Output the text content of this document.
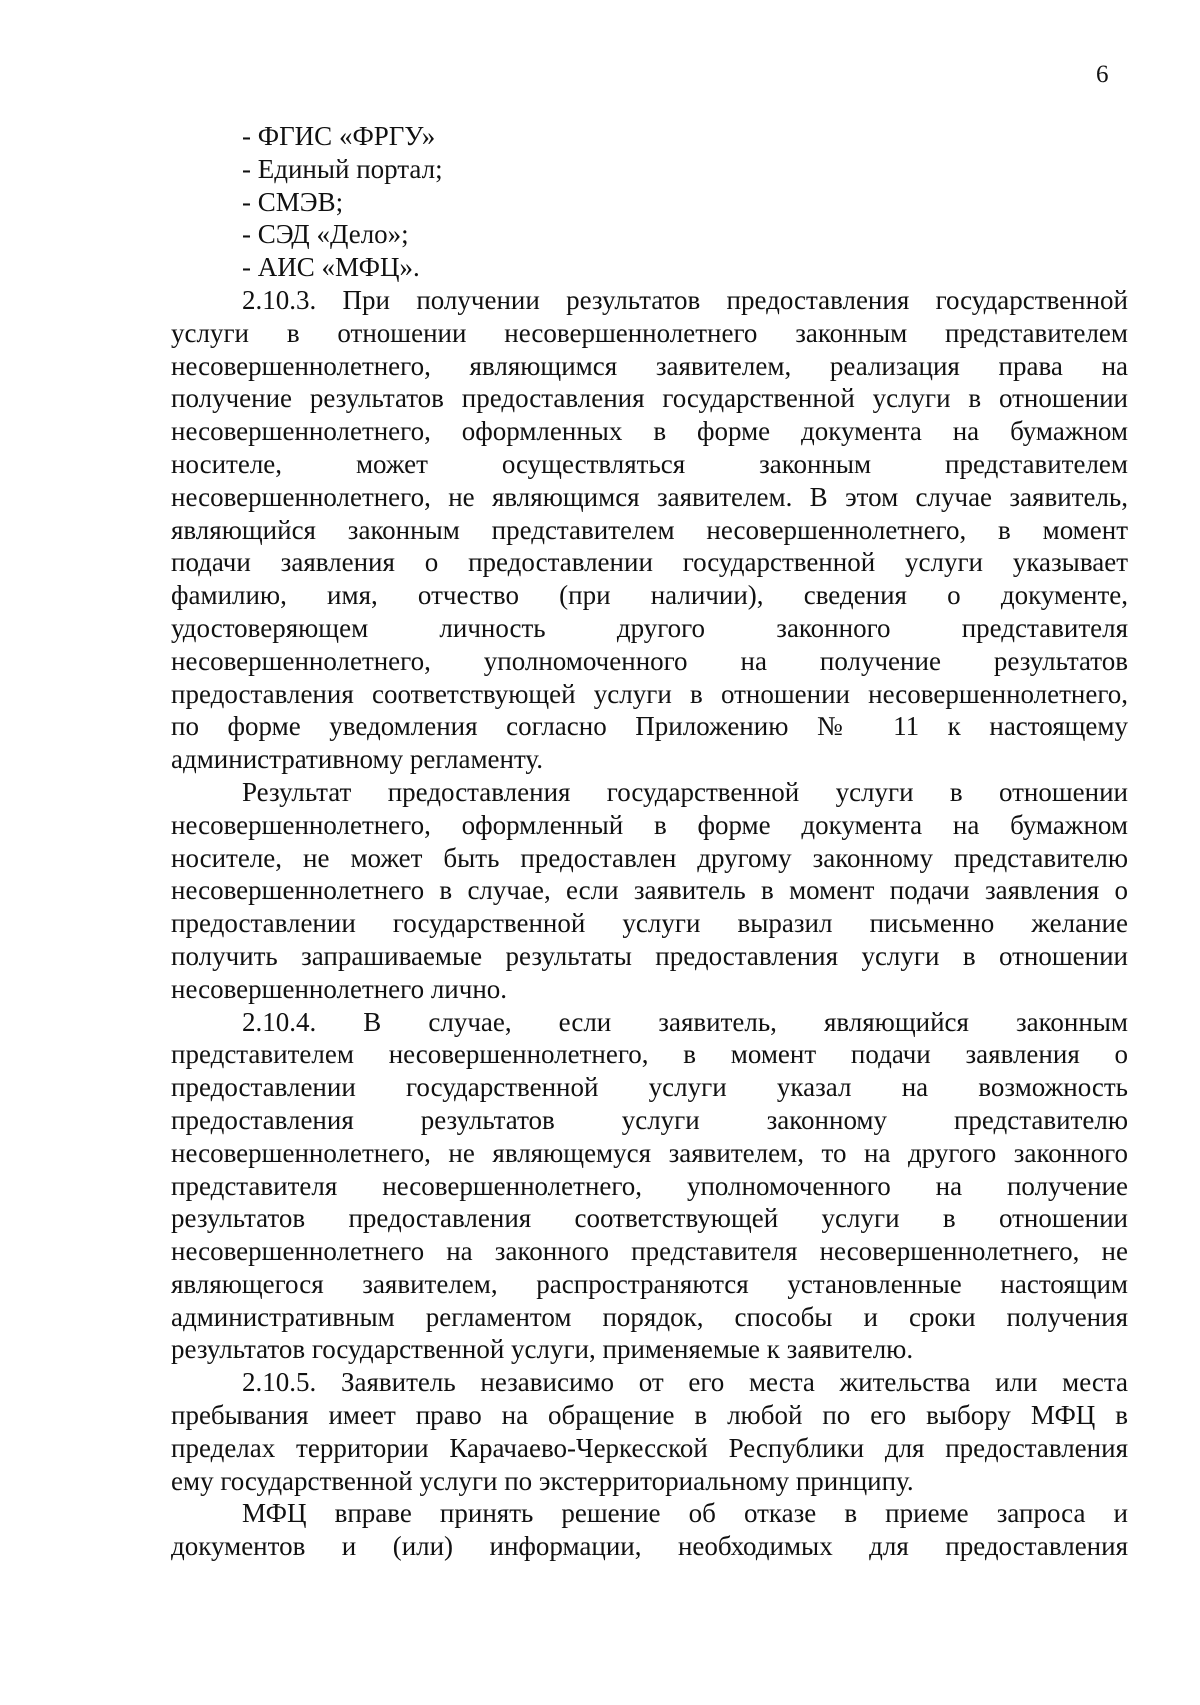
6

- ФГИС «ФРГУ»

- Единый портал;

- СМЭВ;

- СЭД «Дело»;

- АИС «МФЦ».

2.10.3. При получении результатов предоставления государственной
услуги в отношении несовершеннолетнего законным представителем
несовершеннолетнего, являющимся заявителем, реализация права на
получение результатов предоставления государственной услуги в отношении
несовершеннолетнего, оформленных в форме документа на бумажном
носителе, может осуществляться законным представителем
несовершеннолетнего, не являющимся заявителем. В этом случае заявитель,
являющийся законным представителем несовершеннолетнего, в момент
подачи заявления о предоставлении государственной услуги указывает
фамилию, имя, отчество (при наличии), сведения о документе,
удостоверяющем личность другого законного представителя
несовершеннолетнего, уполномоченного на получение результатов
предоставления соответствующей услуги в отношении несовершеннолетнего,
по форме уведомления согласно Приложению № 11 к настоящему
административному регламенту.
Результат предоставления государственной услуги в отношении
несовершеннолетнего, оформленный в форме документа на бумажном
носителе, не может быть предоставлен другому законному представителю
несовершеннолетнего в случае, если заявитель в момент подачи заявления о
предоставлении государственной услуги выразил письменно желание
получить запрашиваемые результаты предоставления услуги в отношении
несовершеннолетнего лично.
2.10.4. В случае, если заявитель, являющийся законным
представителем несовершеннолетнего, в момент подачи заявления о
предоставлении государственной услуги указал на возможность
предоставления результатов услуги законному представителю
несовершеннолетнего, не являющемуся заявителем, то на другого законного
представителя несовершеннолетнего, уполномоченного на получение
результатов предоставления соответствующей услуги в отношении
несовершеннолетнего на законного представителя несовершеннолетнего, не
являющегося заявителем, распространяются установленные настоящим
административным регламентом порядок, способы и сроки получения
результатов государственной услуги, применяемые к заявителю.
2.10.5. Заявитель независимо от его места жительства или места
пребывания имеет право на обращение в любой по его выбору МФЦ в
пределах территории Карачаево-Черкесской Республики для предоставления
ему государственной услуги по экстерриториальному принципу.
МФЦ вправе принять решение об отказе в приеме запроса и
документов и (или) информации, необходимых для предоставления
